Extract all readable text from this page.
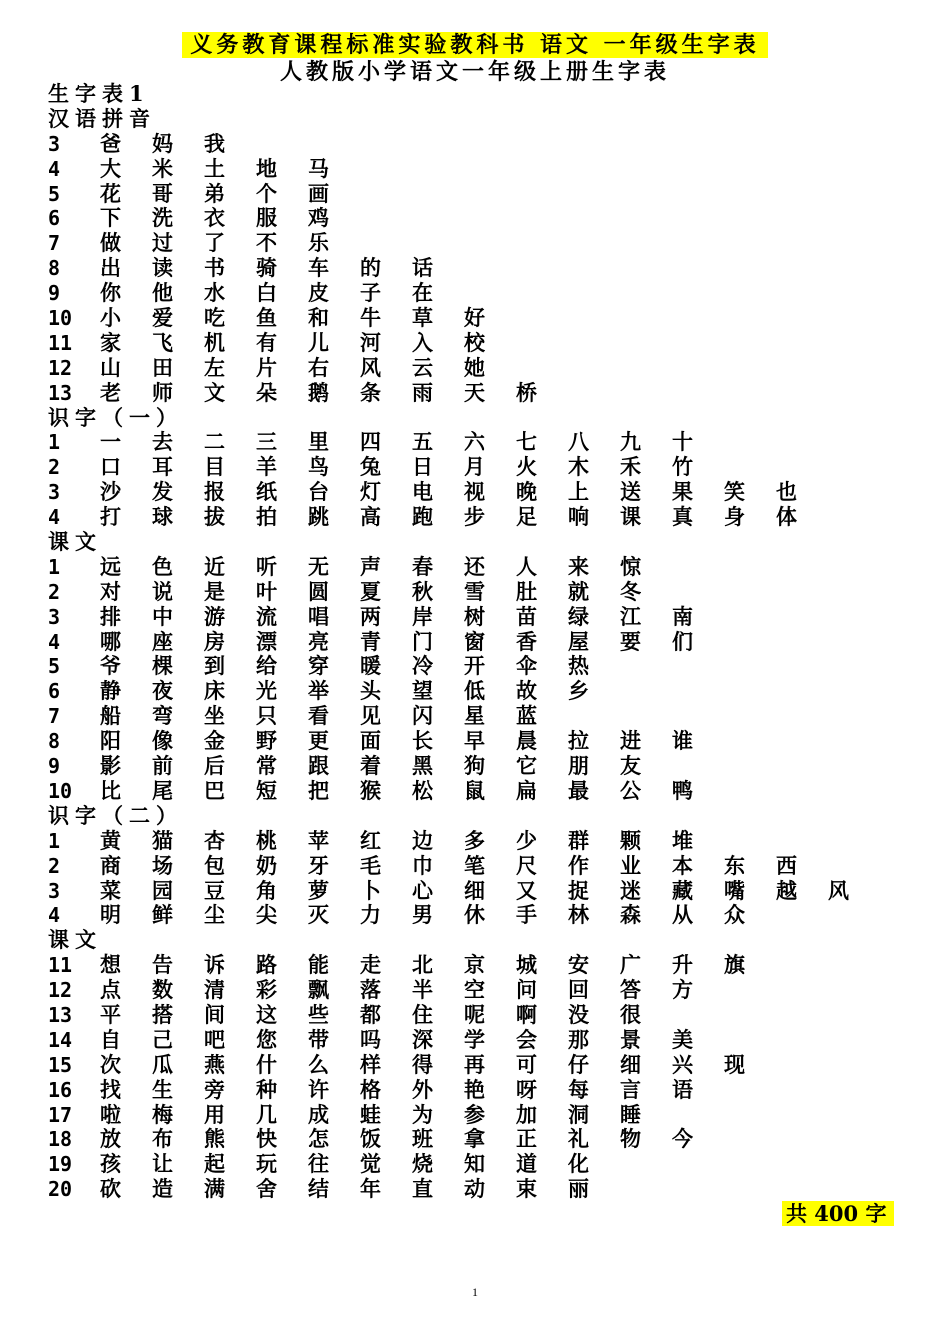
义务教育课程标准实验教科书 语文 一年级生字表
人教版小学语文一年级上册生字表
生字表1
汉语拼音
3	爸 妈 我
4	大 米 土 地 马
5	花 哥 弟 个 画
6	下 洗 衣 服 鸡
7	做 过 了 不 乐
8	出 读 书 骑 车 的 话
9	你 他 水 白 皮 子 在
10	小 爱 吃 鱼 和 牛 草 好
11	家 飞 机 有 儿 河 入 校
12	山 田 左 片 右 风 云 她
13	老 师 文 朵 鹅 条 雨 天 桥
识字（一）
1	一 去 二 三 里 四 五 六 七 八 九 十
2	口 耳 目 羊 鸟 兔 日 月 火 木 禾 竹
3	沙 发 报 纸 台 灯 电 视 晚 上 送 果 笑 也
4	打 球 拔 拍 跳 高 跑 步 足 响 课 真 身 体
课文
1	远 色 近 听 无 声 春 还 人 来 惊
2	对 说 是 叶 圆 夏 秋 雪 肚 就 冬
3	排 中 游 流 唱 两 岸 树 苗 绿 江 南
4	哪 座 房 漂 亮 青 门 窗 香 屋 要 们
5	爷 棵 到 给 穿 暖 冷 开 伞 热
6	静 夜 床 光 举 头 望 低 故 乡
7	船 弯 坐 只 看 见 闪 星 蓝
8	阳 像 金 野 更 面 长 早 晨 拉 进 谁
9	影 前 后 常 跟 着 黑 狗 它 朋 友
10	比 尾 巴 短 把 猴 松 鼠 扁 最 公 鸭
识字（二）
1	黄 猫 杏 桃 苹 红 边 多 少 群 颗 堆
2	商 场 包 奶 牙 毛 巾 笔 尺 作 业 本 东 西
3	菜 园 豆 角 萝 卜 心 细 又 捉 迷 藏 嘴 越 风
4	明 鲜 尘 尖 灭 力 男 休 手 林 森 从 众
课文
11	想 告 诉 路 能 走 北 京 城 安 广 升 旗
12	点 数 清 彩 飘 落 半 空 问 回 答 方
13	平 搭 间 这 些 都 住 呢 啊 没 很
14	自 己 吧 您 带 吗 深 学 会 那 景 美
15	次 瓜 燕 什 么 样 得 再 可 仔 细 兴 现
16	找 生 旁 种 许 格 外 艳 呀 每 言 语
17	啦 梅 用 几 成 蛙 为 参 加 洞 睡
18	放 布 熊 快 怎 饭 班 拿 正 礼 物 今
19	孩 让 起 玩 往 觉 烧 知 道 化
20	砍 造 满 舍 结 年 直 动 束 丽
共 400 字
1
